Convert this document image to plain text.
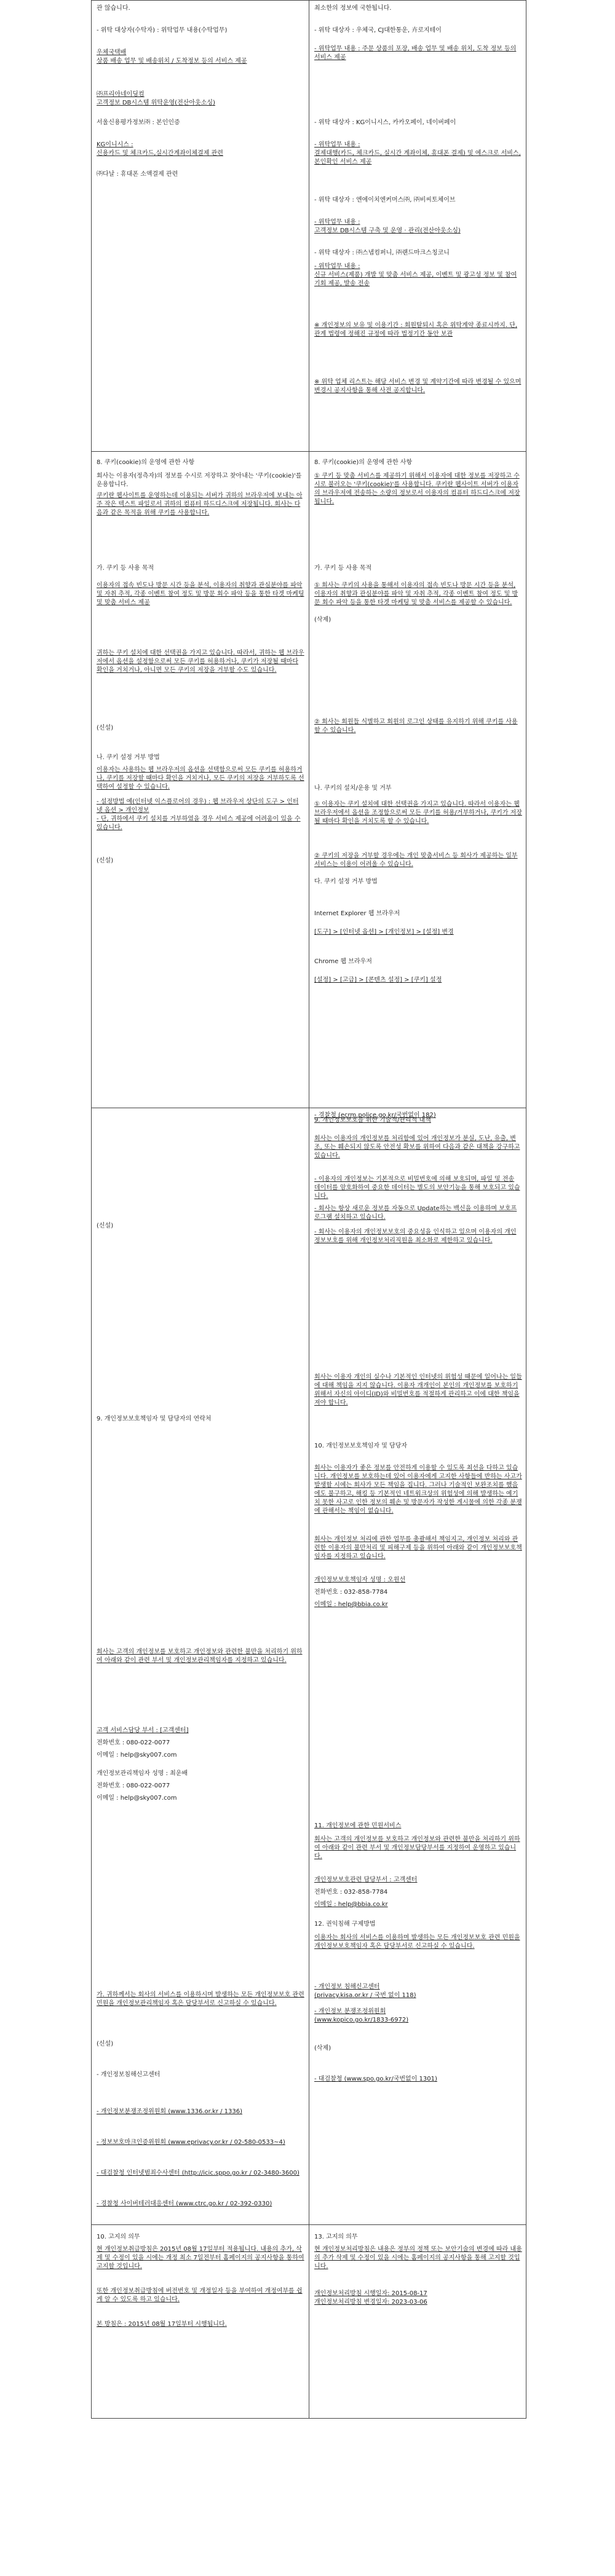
관 않습니다.
- 위탁 대상자(수탁자) : 위탁업무 내용(수탁업무)
우체국택배
상품 배송 업무 및 배송위치 / 도착정보 등의 서비스 제공
㈜프리아네이딩컴
고객정보 DB시스템 위탁운영(전산아웃소싱)
서울신용평가정보㈜ : 본인인증
KG이니시스 :
신용카드 및 체크카드,실시간계좌이체결제 관련
㈜다날 : 휴대폰 소액결제 관련
8. 쿠키(cookie)의 운영에 관한 사항
회사는 이용자(정측자)의 정보를 수시로 저장하고 찾아내는 '쿠키(cookie)'를 운용합니다.
쿠키란 웹사이트를 운영하는데 이용되는 서버가 귀하의 브라우저에 보내는 아주 작은 텍스트 파일로서 귀하의 컴퓨터 하드디스크에 저장됩니다. 회사는 다음과 같은 목적을 위해 쿠키를 사용합니다.
가. 쿠키 등 사용 목적
이용자의 접속 빈도나 방문 시간 등을 분석, 이용자의 취향과 관심분야를 파악 및 자취 추적, 각종 이벤트 참여 정도 및 방문 회수 파악 등을 통한 타겟 마케팅 및 맞춤 서비스 제공
귀하는 쿠키 설치에 대한 선택권을 가지고 있습니다. 따라서, 귀하는 웹 브라우저에서 옵션을 설정함으로써 모든 쿠키를 허용하거나, 쿠키가 저장될 때마다 확인을 거치거나, 아니면 모든 쿠키의 저장을 거부할 수도 있습니다.
(신설)
나. 쿠키 설정 거부 방법
이용자는 사용하는 웹 브라우저의 옵션을 선택함으로써 모든 쿠키를 허용하거나, 쿠키를 저장할 때마다 확인을 거치거나, 모든 쿠키의 저장을 거부하도록 선택하여 설정할 수 있습니다.
- 설정방법 예(인터넷 익스플로어의 경우) : 웹 브라우저 상단의 도구 > 인터넷 옵션 > 개인정보
- 단, 귀하에서 쿠키 설치를 거부하였을 경우 서비스 제공에 어려움이 있을 수 있습니다.
(신설)
(신설)
9. 개인정보보호책임자 및 담당자의 연락처
회사는 고객의 개인정보를 보호하고 개인정보와 관련한 불만을 처리하기 위하여 아래와 같이 관련 부서 및 개인정보관리책임자를 지정하고 있습니다.
고객 서비스담당 부서 : [고객센터]
전화번호 : 080-022-0077
이메일 : help@sky007.com
개인정보관리책임자 성명 : 최운배
전화번호 : 080-022-0077
이메일 : help@sky007.com
가. 귀하께서는 회사의 서비스를 이용하시며 발생하는 모든 개인정보보호 관련 민원을 개인정보관리책임자 혹은 담당부서로 신고하실 수 있습니다.
(신설)
- 개인정보침해신고센터
- 개인정보분쟁조정위원회 (www.1336.or.kr / 1336)
- 정보보호마크인증위원회 (www.eprivacy.or.kr / 02-580-0533~4)
- 대검찰청 인터넷범죄수사센터 (http://icic.sppo.go.kr / 02-3480-3600)
- 경찰청 사이버테러대응센터 (www.ctrc.go.kr / 02-392-0330)
10. 고지의 의무
현 개인정보취급방침은 2015년 08월 17일부터 적용됩니다. 내용의 추가, 삭제 및 수정이 있을 시에는 개정 최소 7일전부터 홈페이지의 공지사항을 통하여 고지할 것입니다.
또한 개인정보취급방침에 버전번호 및 개정일자 등을 부여하여 개정여부를 쉽게 알 수 있도록 하고 있습니다.
본 방침은 : 2015년 08월 17일부터 시행됩니다.
최소한의 정보에 국한됩니다.
- 위탁 대상자 : 우체국, CJ대한통운, 卉로지테이
- 위탁업무 내용 : 주문 상품의 포장, 배송 업무 및 배송 위치, 도착 정보 등의 서비스 제공
- 위탁 대상자 : KG이니시스, 카카오페이, 네이버페이
- 위탁업무 내용 :
결제대행(카드, 체크카드, 실시간 계좌이체, 휴대폰 결제) 및 에스크로 서비스, 본인확인 서비스 제공
- 위탁 대상자 : 엔에이치엔커머스㈜, ㈜비씨토체이브
- 위탁업무 내용 :
고객정보 DB시스템 구축 및 운영 · 관리(전산아웃소싱)
- 위탁 대상자 : ㈜스냅컴퍼니, ㈜랜드마크스칭코니
- 위탁업무 내용 :
신규 서비스(제품) 개발 및 맞춤 서비스 제공, 이벤트 및 광고성 정보 및 참여기회 제공, 발송 전송
※ 개인정보의 보유 및 이용기간 : 회원탈퇴시 혹은 위탁계약 종료시까지. 단, 관계 법령에 정해진 규정에 따라 법정기간 동안 보관
※ 위탁 업체 리스트는 해당 서비스 변경 및 계약기간에 따라 변경될 수 있으며 변경시 공지사항을 통해 사전 공지합니다.
8. 쿠키(cookie)의 운영에 관한 사항
① 쿠키 등 맞춤 서비스를 제공하기 위해서 이용자에 대한 정보를 저장하고 수시로 불러오는 '쿠키(cookie)'를 사용합니다. 쿠키란 웹사이트 서버가 이용자의 브라우저에 전송하는 소량의 정보로서 이용자의 컴퓨터 하드디스크에 저장됩니다.
가. 쿠키 등 사용 목적
① 회사는 쿠키의 사용을 통해서 이용자의 접속 빈도나 방문 시간 등을 분석, 이용자의 취향과 관심분야를 파악 및 자취 추적, 각종 이벤트 참여 정도 및 방문 회수 파악 등을 통한 타겟 마케팅 및 맞춤 서비스를 제공할 수 있습니다.
(삭제)
② 회사는 회원들 식별하고 회원의 로그인 상태를 유지하기 위해 쿠키를 사용할 수 있습니다.
나. 쿠키의 설치/운용 및 거부
① 이용자는 쿠키 설치에 대한 선택권을 가지고 있습니다. 따라서 이용자는 웹브라우저에서 옵션을 조정함으로써 모든 쿠키를 허용/거부하거나, 쿠키가 저장될 때마다 확인을 거치도록 할 수 있습니다.
② 쿠키의 저장을 거부할 경우에는 개인 맞춤서비스 등 회사가 제공하는 일부 서비스는 이용이 어려울 수 있습니다.
다. 쿠키 설정 거부 방법
Internet Explorer 웹 브라우저
[도구] > [인터넷 옵션] > [개인정보] > [설정] 변경
Chrome 웹 브라우저
[설정] > [고급] > [콘텐츠 설정] > [쿠키] 설정
9. 개인정보보호를 위한 기술적/관리적 대책
회사는 이용자의 개인정보를 처리함에 있어 개인정보가 분실, 도난, 유출, 변조, 또는 훼손되지 않도록 안전성 확보를 위하여 다음과 같은 대책을 강구하고 있습니다.
- 이용자의 개인정보는 기본적으로 비밀번호에 의해 보호되며, 파일 및 전송 데이터를 암호화하여 중요한 데이터는 별도의 보안기능을 통해 보호되고 있습니다.
- 회사는 항상 새로운 정보를 자동으로 Update하는 백신을 이용하며 보호프로그램 설치하고 있습니다.
- 회사는 이용자의 개인정보보호의 중요성을 인식하고 있으며 이용자의 개인정보보호를 위해 개인정보처리직원을 최소화로 제한하고 있습니다.
회사는 이용자 개인의 실수나 기본적인 인터넷의 위험성 때문에 일어나는 일들에 대해 책임을 지지 않습니다. 이용자 개개인이 본인의 개인정보를 보호하기 위해서 자신의 아이디(ID)와 비밀번호를 적절하게 관리하고 이에 대한 책임을 져야 합니다.
10. 개인정보보호책임자 및 담당자
회사는 이용자가 좋은 정보를 안전하게 이용할 수 있도록 최선을 다하고 있습니다. 개인정보를 보호하는데 있어 이용자에게 고지한 사항들에 반하는 사고가 발생할 시에는 회사가 모든 책임을 집니다. 그러나 기술적인 보완조치를 했음에도 불구하고, 해킹 등 기본적인 네트워크상의 위험성에 의해 발생하는 예기치 못한 사고로 인한 정보의 훼손 및 방문자가 작성한 게시물에 의한 각종 분쟁에 관해서는 책임이 없습니다.
회사는 개인정보 처리에 관한 업무를 총괄해서 책임지고, 개인정보 처리와 관련한 이용자의 불만처리 및 피해구제 등을 위하여 아래와 같이 개인정보보호책임자를 지정하고 있습니다.
개인정보보호책임자 성명 : 오원선
전화번호 : 032-858-7784
이메일 : help@bbia.co.kr
11. 개인정보에 관한 민원서비스
회사는 고객의 개인정보를 보호하고 개인정보와 관련한 불만을 처리하기 위하여 아래와 같이 관련 부서 및 개인정보담당부서를 지정하여 운영하고 있습니다.
개인정보보호관련 담당부서 : 고객센터
전화번호 : 032-858-7784
이메일 : help@bbia.co.kr
12. 권익침해 구제방법
이용자는 회사의 서비스를 이용하며 발생하는 모든 개인정보보호 관련 민원을 개인정보보호책임자 혹은 담당부서로 신고하실 수 있습니다.
- 개인정보 침해신고센터
(privacy.kisa.or.kr / 국번 없이 118)
- 개인정보 분쟁조정위원회
(www.kopico.go.kr/1833-6972)
(삭제)
- 대검찰청 (www.spo.go.kr/국번없이 1301)
- 경찰청 (ecrm.police.go.kr/국번없이 182)
13. 고지의 의무
현 개인정보처리방침은 내용은 정부의 정책 또는 보안기술의 변경에 따라 내용의 추가 삭제 및 수정이 있을 시에는 홈페이지의 공지사항을 통해 고지할 것입니다.
개인정보처리방침 시행일자: 2015-08-17
개인정보처리방침 변경일자: 2023-03-06
